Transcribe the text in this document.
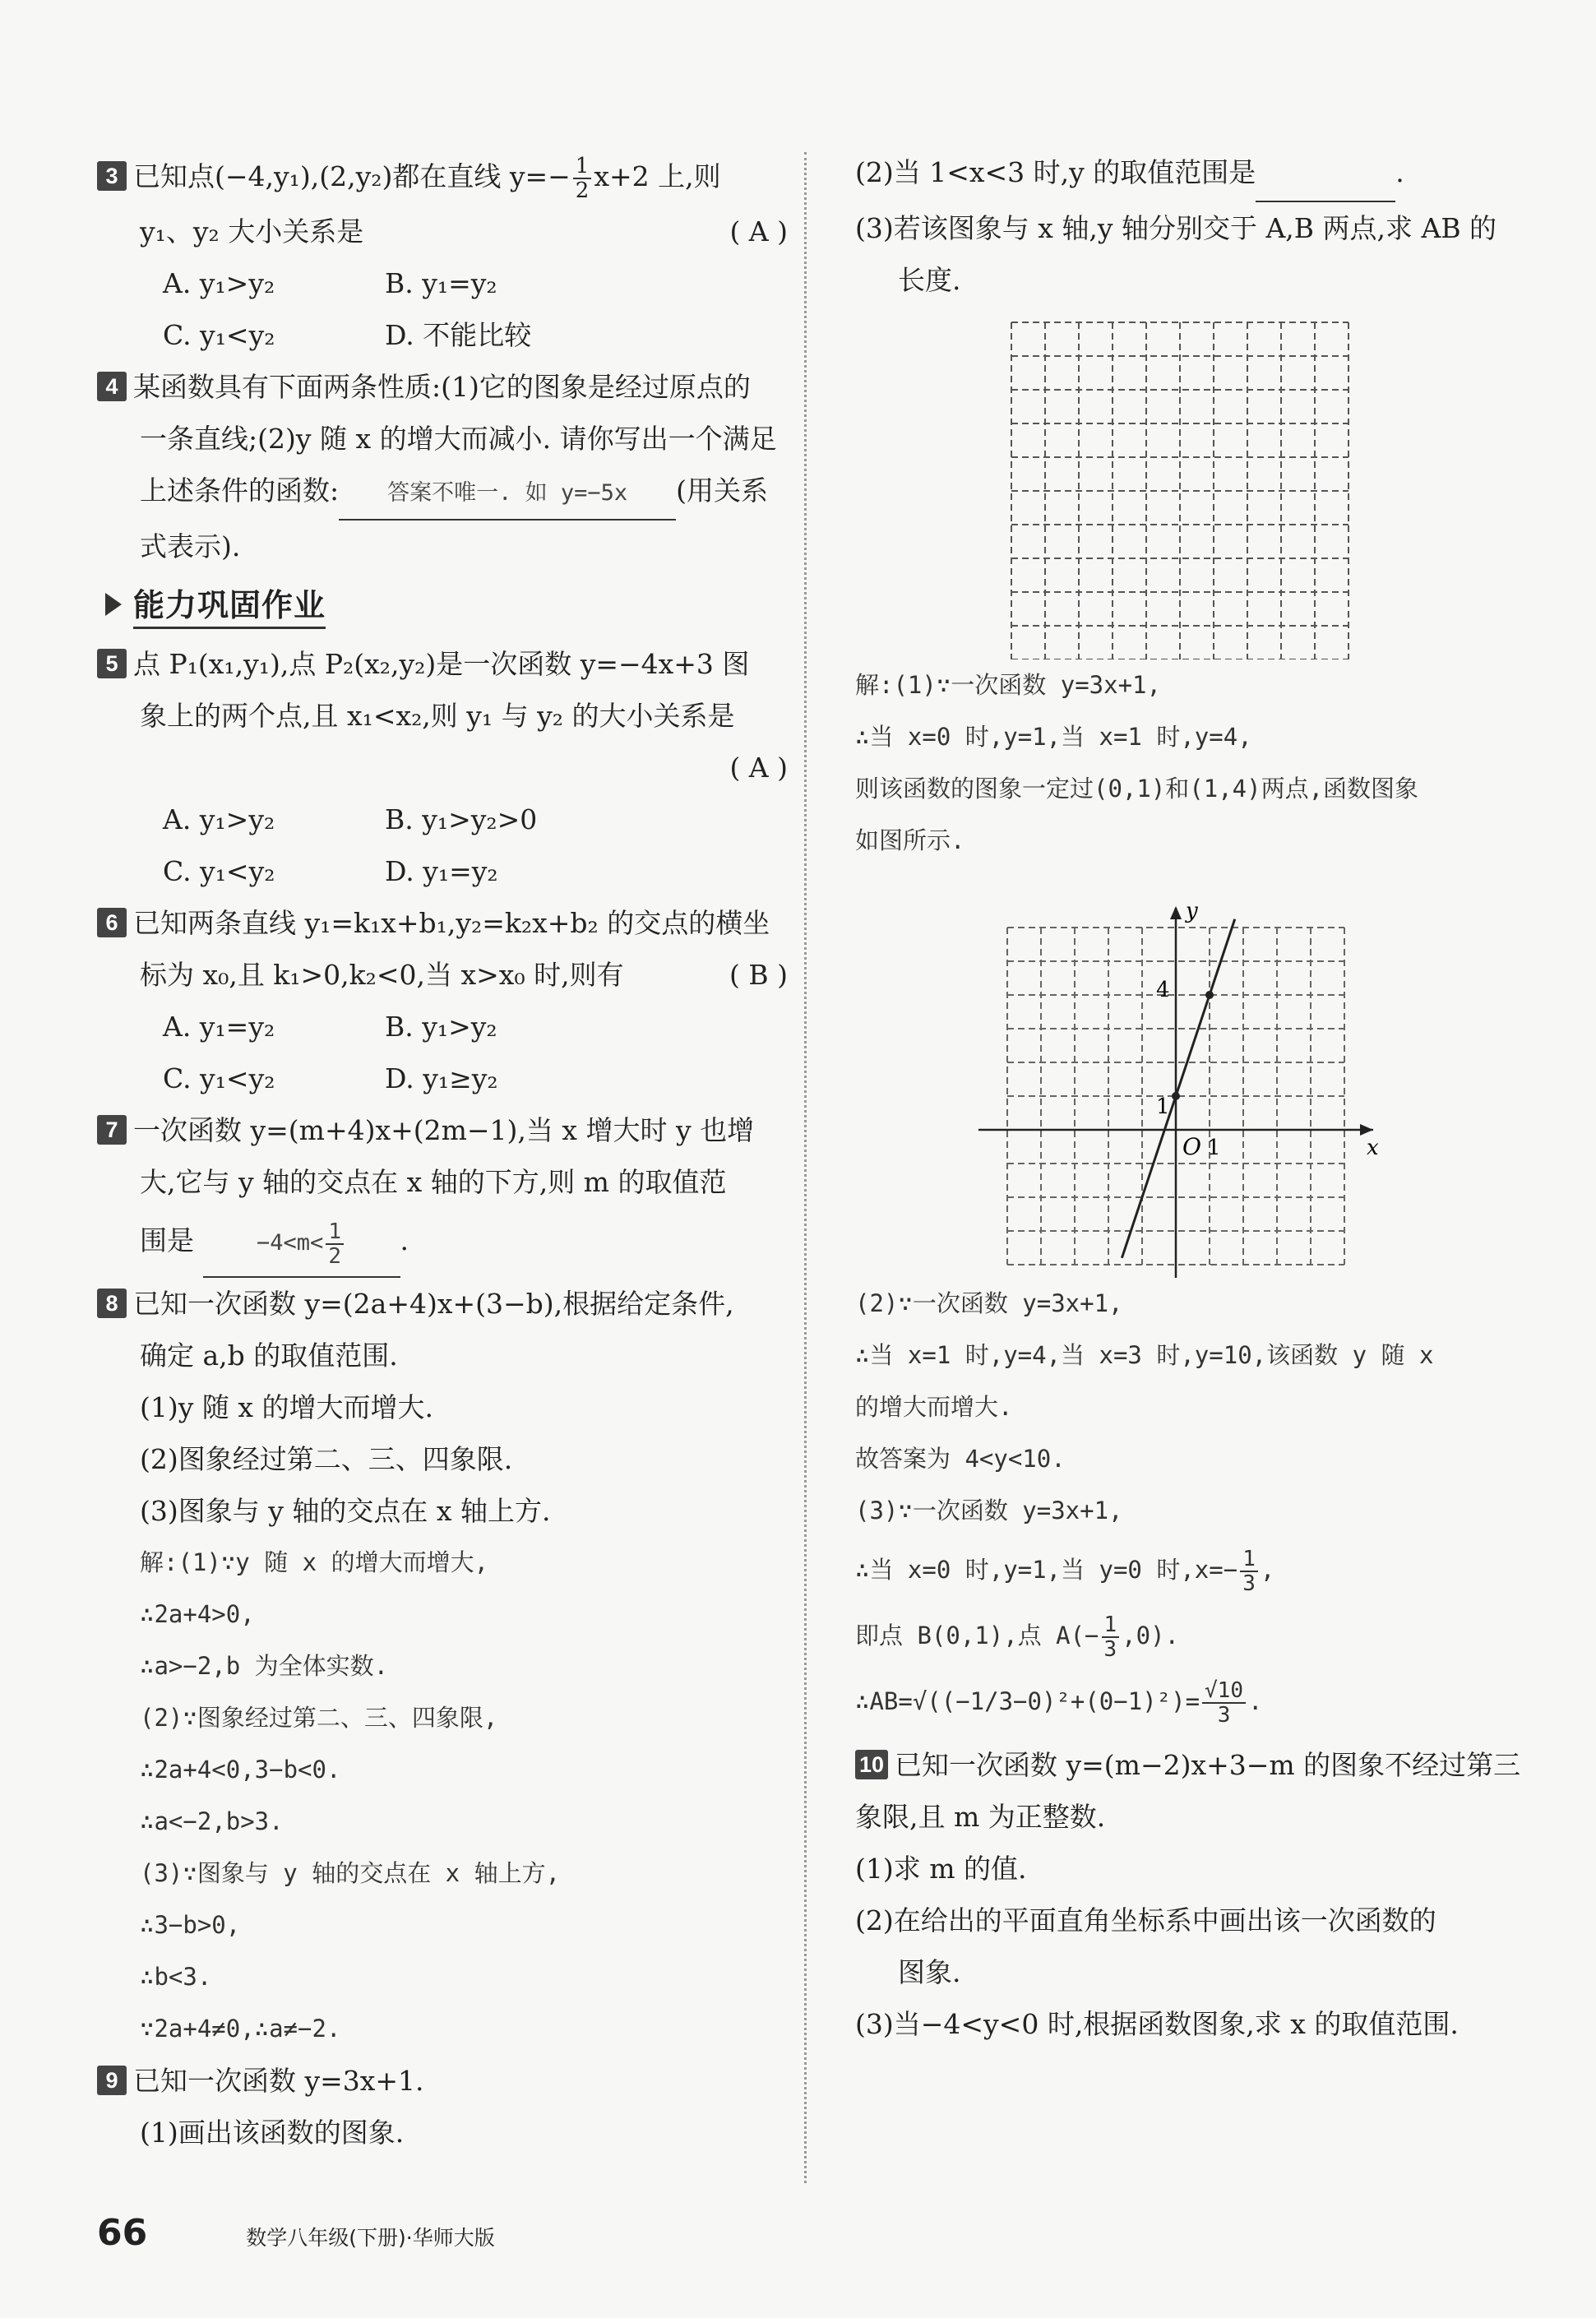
3 已知点(−4,y₁),(2,y₂)都在直线 $y=- \frac{1}{2} x+2$ 上,则
y₁、y₂ 大小关系是	( A )
A. y₁>y₂	B. y₁=y₂
C. y₁<y₂	D. 不能比较
4 某函数具有下面两条性质:(1)它的图象是经过原点的
一条直线;(2)y 随 x 的增大而减小. 请你写出一个满足
上述条件的函数: 答案不唯一. 如 y=−5x (用关系
式表示).
能力巩固作业
5 点 P₁(x₁,y₁),点 P₂(x₂,y₂)是一次函数 y=−4x+3 图
象上的两个点,且 x₁<x₂,则 y₁ 与 y₂ 的大小关系是
( A )

A. y₁>y₂	B. y₁>y₂>0
C. y₁<y₂	D. y₁=y₂
6 已知两条直线 y₁=k₁x+b₁,y₂=k₂x+b₂ 的交点的横坐
标为 x₀,且 k₁>0,k₂<0,当 x>x₀ 时,则有	( B )
A. y₁=y₂	B. y₁>y₂
C. y₁<y₂	D. y₁≥y₂
7 一次函数 y=(m+4)x+(2m−1),当 x 增大时 y 也增
大,它与 y 轴的交点在 x 轴的下方,则 m 的取值范
围是	$-4<m< \frac{1}{2}$ .
8 已知一次函数 y=(2a+4)x+(3−b),根据给定条件,
确定 a,b 的取值范围.
(1)y 随 x 的增大而增大.
(2)图象经过第二、三、四象限.
(3)图象与 y 轴的交点在 x 轴上方.
解:(1)∵y 随 x 的增大而增大,
∴2a+4>0,
∴a>−2,b 为全体实数.
(2)∵图象经过第二、三、四象限,
∴2a+4<0,3−b<0.
∴a<−2,b>3.
(3)∵图象与 y 轴的交点在 x 轴上方,
∴3−b>0,
∴b<3.
∵2a+4≠0,∴a≠−2.
9 已知一次函数 y=3x+1.
(1)画出该函数的图象.
(2)当 1<x<3 时,y 的取值范围是	.
(3)若该图象与 x 轴,y 轴分别交于 A,B 两点,求 AB 的
长度.
解:(1)∵一次函数 y=3x+1,
∴当 x=0 时,y=1,当 x=1 时,y=4,
则该函数的图象一定过(0,1)和(1,4)两点,函数图象
如图所示.
y
x
O 1
1
4
(2)∵一次函数 y=3x+1,
∴当 x=1 时,y=4,当 x=3 时,y=10,该函数 y 随 x
的增大而增大.
故答案为 4<y<10.
(3)∵一次函数 y=3x+1,
∴当 x=0 时,y=1,当 y=0 时$,x=- \frac{1}{3}$ ,
即点 B(0,1),点 $A(- \frac{1}{3} ,0)$.
∴AB=√((−1/3−0)²+(0−1)²)= $\frac{√10}{3}$ .
10 已知一次函数 y=(m−2)x+3−m 的图象不经过第三
象限,且 m 为正整数.
(1)求 m 的值.
(2)在给出的平面直角坐标系中画出该一次函数的
图象.
(3)当−4<y<0 时,根据函数图象,求 x 的取值范围.
66	数学八年级(下册)·华师大版
